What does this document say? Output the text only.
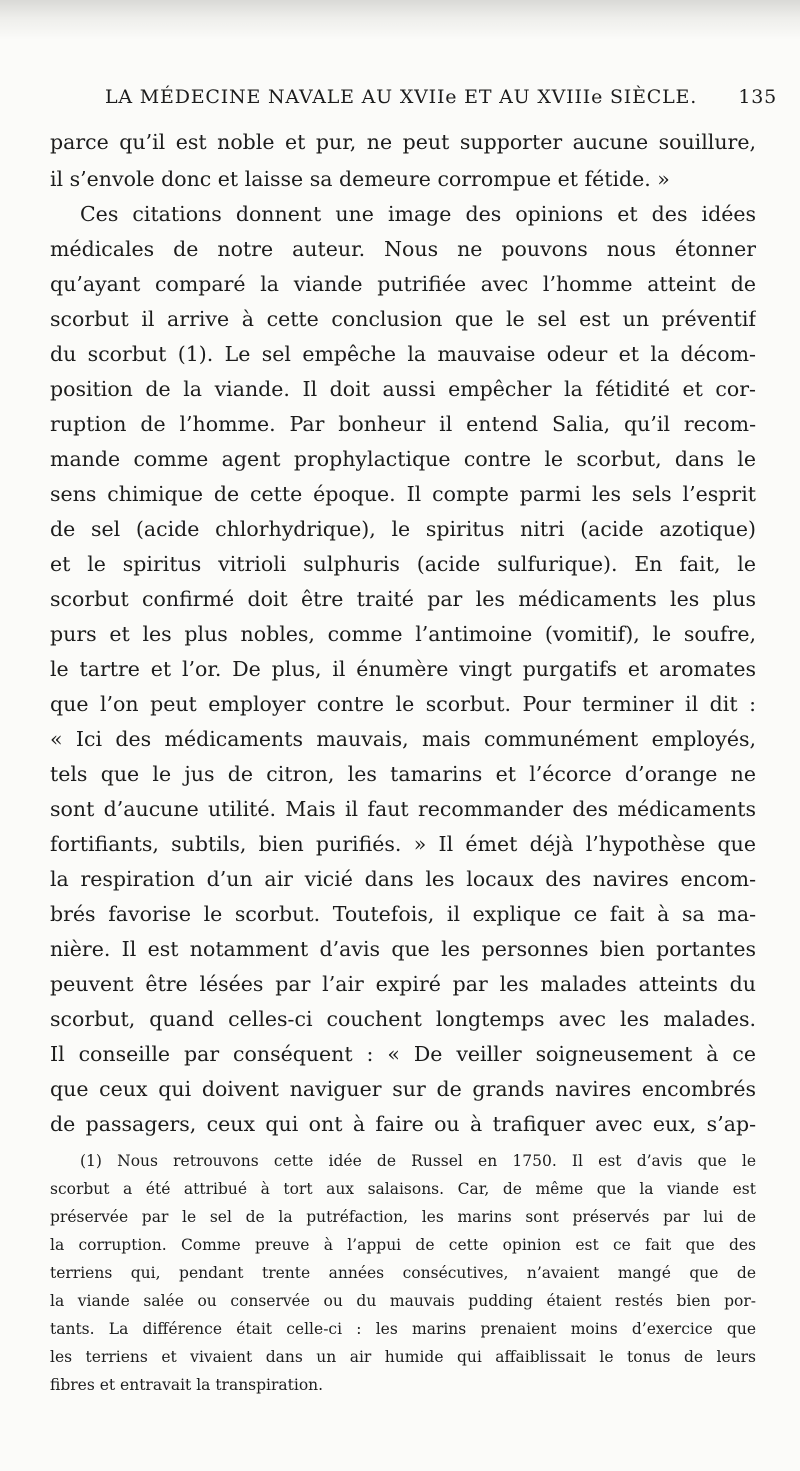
LA MÉDECINE NAVALE AU XVIIe ET AU XVIIIe SIÈCLE. 135
parce qu’il est noble et pur, ne peut supporter aucune souillure,
il s’envole donc et laisse sa demeure corrompue et fétide. »
Ces citations donnent une image des opinions et des idées
médicales de notre auteur. Nous ne pouvons nous étonner
qu’ayant comparé la viande putrifiée avec l’homme atteint de
scorbut il arrive à cette conclusion que le sel est un préventif
du scorbut (1). Le sel empêche la mauvaise odeur et la décom-
position de la viande. Il doit aussi empêcher la fétidité et cor-
ruption de l’homme. Par bonheur il entend Salia, qu’il recom-
mande comme agent prophylactique contre le scorbut, dans le
sens chimique de cette époque. Il compte parmi les sels l’esprit
de sel (acide chlorhydrique), le spiritus nitri (acide azotique)
et le spiritus vitrioli sulphuris (acide sulfurique). En fait, le
scorbut confirmé doit être traité par les médicaments les plus
purs et les plus nobles, comme l’antimoine (vomitif), le soufre,
le tartre et l’or. De plus, il énumère vingt purgatifs et aromates
que l’on peut employer contre le scorbut. Pour terminer il dit :
« Ici des médicaments mauvais, mais communément employés,
tels que le jus de citron, les tamarins et l’écorce d’orange ne
sont d’aucune utilité. Mais il faut recommander des médicaments
fortifiants, subtils, bien purifiés. » Il émet déjà l’hypothèse que
la respiration d’un air vicié dans les locaux des navires encom-
brés favorise le scorbut. Toutefois, il explique ce fait à sa ma-
nière. Il est notamment d’avis que les personnes bien portantes
peuvent être lésées par l’air expiré par les malades atteints du
scorbut, quand celles-ci couchent longtemps avec les malades.
Il conseille par conséquent : « De veiller soigneusement à ce
que ceux qui doivent naviguer sur de grands navires encombrés
de passagers, ceux qui ont à faire ou à trafiquer avec eux, s’ap-
(1) Nous retrouvons cette idée de Russel en 1750. Il est d’avis que le
scorbut a été attribué à tort aux salaisons. Car, de même que la viande est
préservée par le sel de la putréfaction, les marins sont préservés par lui de
la corruption. Comme preuve à l’appui de cette opinion est ce fait que des
terriens qui, pendant trente années consécutives, n’avaient mangé que de
la viande salée ou conservée ou du mauvais pudding étaient restés bien por-
tants. La différence était celle-ci : les marins prenaient moins d’exercice que
les terriens et vivaient dans un air humide qui affaiblissait le tonus de leurs
fibres et entravait la transpiration.
